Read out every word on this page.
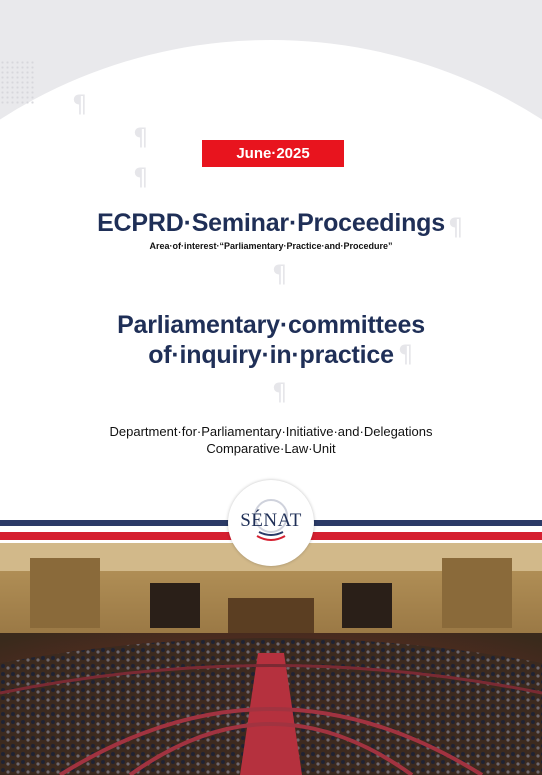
¶
¶
¶
¶
¶
¶
¶
June·2025
ECPRD·Seminar·Proceedings
Area·of·interest·“Parliamentary·Practice·and·Procedure”
Parliamentary·committees
of·inquiry·in·practice
Department·for·Parliamentary·Initiative·and·Delegations
Comparative·Law·Unit
SÉNAT
